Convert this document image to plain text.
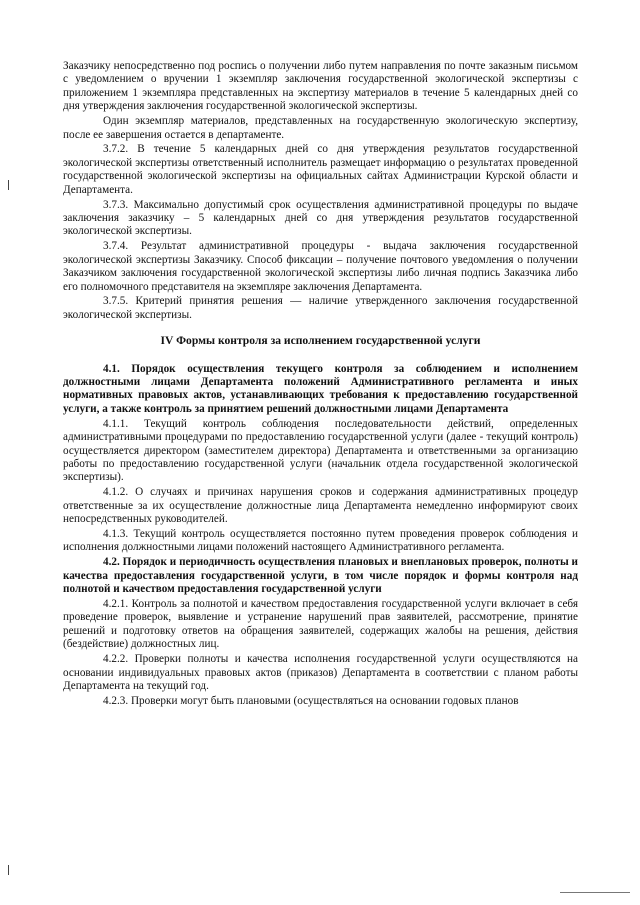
Заказчику непосредственно под роспись о получении либо путем направления по почте заказным письмом с уведомлением о вручении 1 экземпляр заключения государственной экологической экспертизы с приложением 1 экземпляра представленных на экспертизу материалов в течение 5 календарных дней со дня утверждения заключения государственной экологической экспертизы.

Один экземпляр материалов, представленных на государственную экологическую экспертизу, после ее завершения остается в департаменте.

3.7.2. В течение 5 календарных дней со дня утверждения результатов государственной экологической экспертизы ответственный исполнитель размещает информацию о результатах проведенной государственной экологической экспертизы на официальных сайтах Администрации Курской области и Департамента.

3.7.3. Максимально допустимый срок осуществления административной процедуры по выдаче заключения заказчику – 5 календарных дней со дня утверждения результатов государственной экологической экспертизы.

3.7.4. Результат административной процедуры - выдача заключения государственной экологической экспертизы Заказчику. Способ фиксации – получение почтового уведомления о получении Заказчиком заключения государственной экологической экспертизы либо личная подпись Заказчика либо его полномочного представителя на экземпляре заключения Департамента.

3.7.5. Критерий принятия решения — наличие утвержденного заключения государственной экологической экспертизы.

IV Формы контроля за исполнением государственной услуги

4.1. Порядок осуществления текущего контроля за соблюдением и исполнением должностными лицами Департамента положений Административного регламента и иных нормативных правовых актов, устанавливающих требования к предоставлению государственной услуги, а также контроль за принятием решений должностными лицами Департамента

4.1.1. Текущий контроль соблюдения последовательности действий, определенных административными процедурами по предоставлению государственной услуги (далее - текущий контроль) осуществляется директором (заместителем директора) Департамента и ответственными за организацию работы по предоставлению государственной услуги (начальник отдела государственной экологической экспертизы).

4.1.2. О случаях и причинах нарушения сроков и содержания административных процедур ответственные за их осуществление должностные лица Департамента немедленно информируют своих непосредственных руководителей.

4.1.3. Текущий контроль осуществляется постоянно путем проведения проверок соблюдения и исполнения должностными лицами положений настоящего Административного регламента.

4.2. Порядок и периодичность осуществления плановых и внеплановых проверок, полноты и качества предоставления государственной услуги, в том числе порядок и формы контроля над полнотой и качеством предоставления государственной услуги

4.2.1. Контроль за полнотой и качеством предоставления государственной услуги включает в себя проведение проверок, выявление и устранение нарушений прав заявителей, рассмотрение, принятие решений и подготовку ответов на обращения заявителей, содержащих жалобы на решения, действия (бездействие) должностных лиц.

4.2.2. Проверки полноты и качества исполнения государственной услуги осуществляются на основании индивидуальных правовых актов (приказов) Департамента в соответствии с планом работы Департамента на текущий год.

4.2.3. Проверки могут быть плановыми (осуществляться на основании годовых планов
